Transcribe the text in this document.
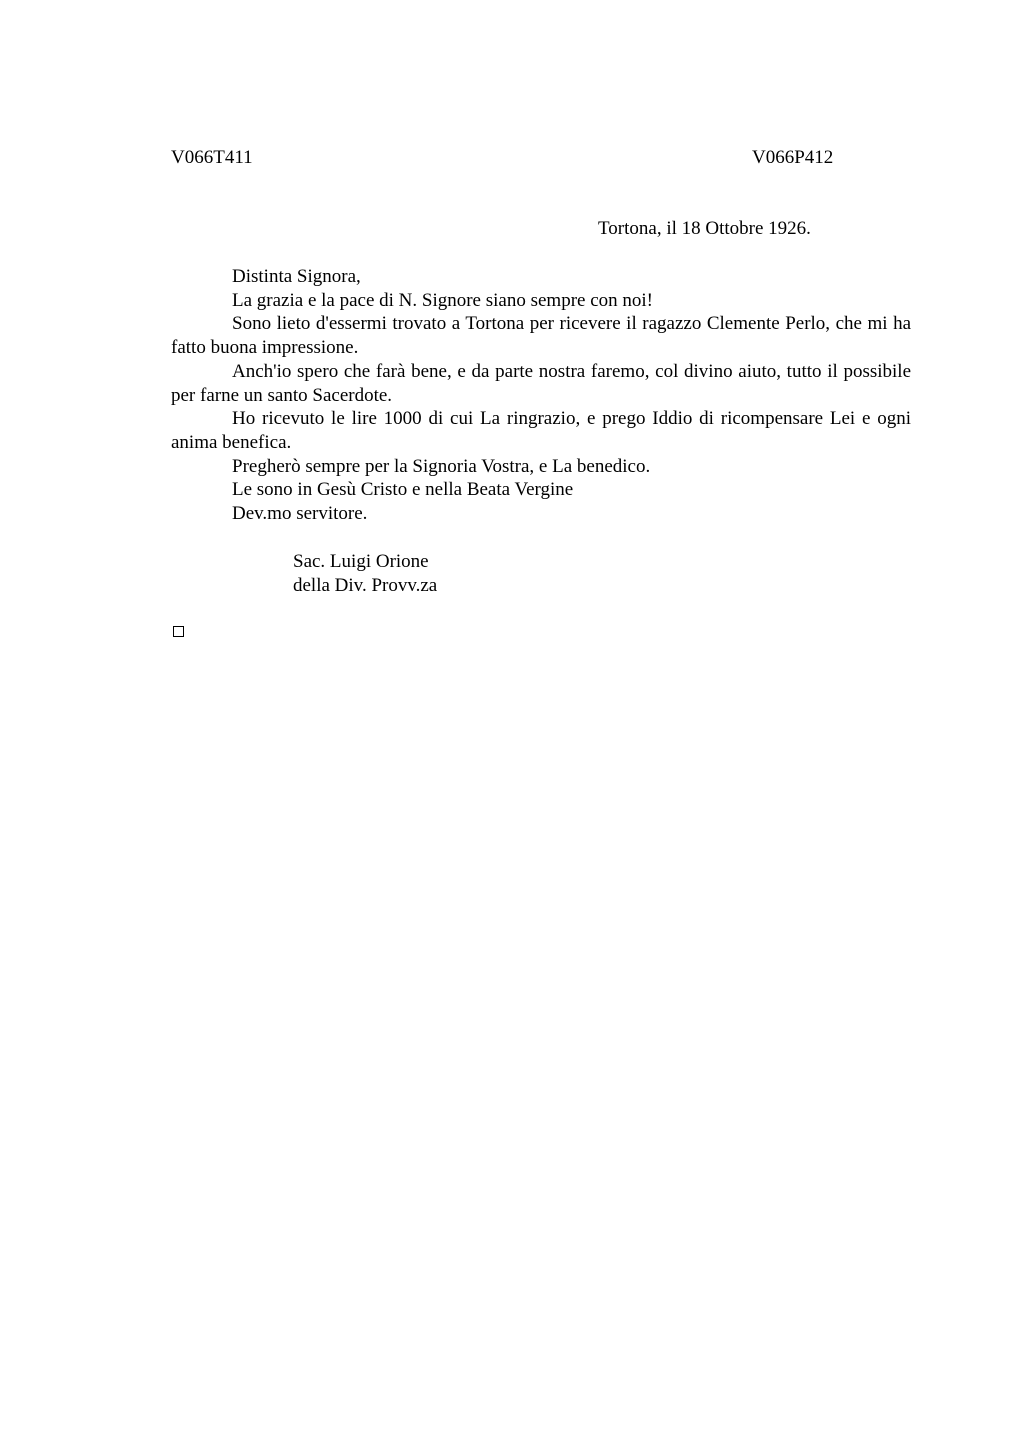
V066T411	V066P412
Tortona, il 18 Ottobre 1926.

Distinta Signora,

La grazia e la pace di N. Signore siano sempre con noi!

Sono lieto d'essermi trovato a Tortona per ricevere il ragazzo Clemente Perlo, che mi ha fatto buona impressione.

Anch'io spero che farà bene, e da parte nostra faremo, col divino aiuto, tutto il possibile per farne un santo Sacerdote.

Ho ricevuto le lire 1000 di cui La ringrazio, e prego Iddio di ricompensare Lei e ogni anima benefica.

Pregherò sempre per la Signoria Vostra, e La benedico.

Le sono in Gesù Cristo e nella Beata Vergine

Dev.mo servitore.

Sac. Luigi Orione
della Div. Provv.za
